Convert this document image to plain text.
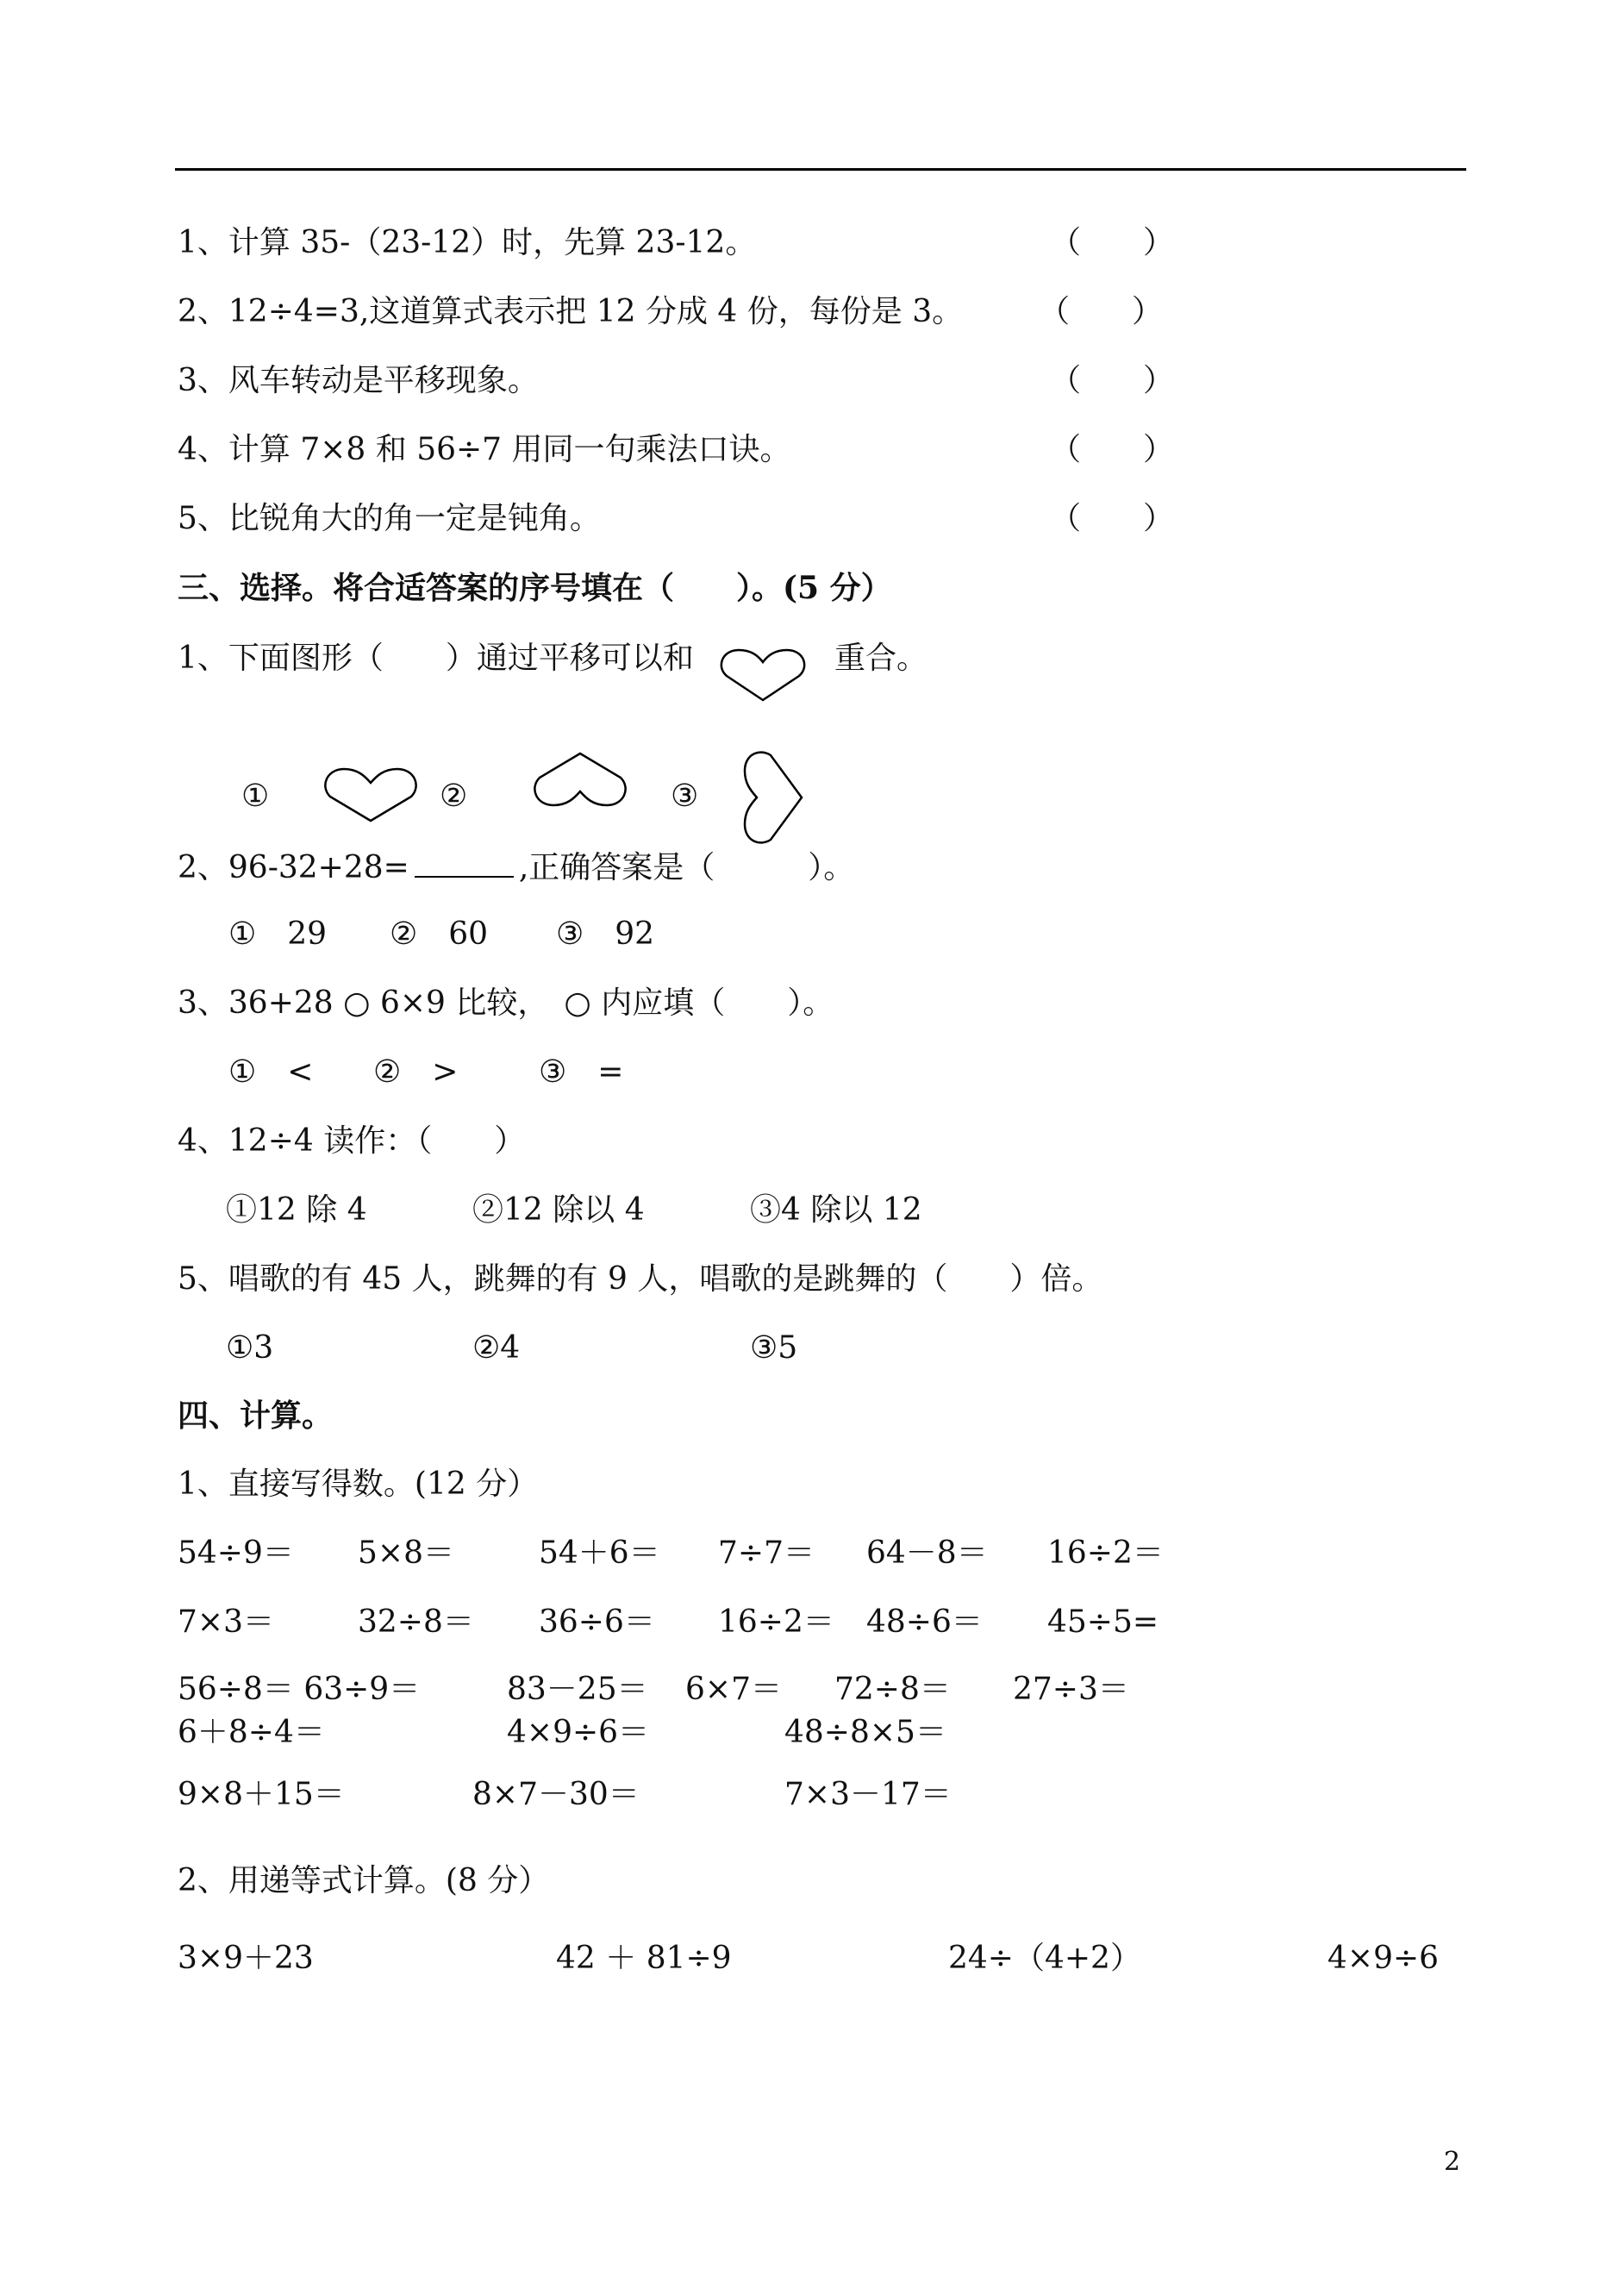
1、计算 35-（23-12）时，先算 23-12。	（　　）
2、12÷4=3,这道算式表示把 12 分成 4 份，每份是 3。 （　　）
3、风车转动是平移现象。	（　　）
4、计算 7×8 和 56÷7 用同一句乘法口诀。	（　　）
5、比锐角大的角一定是钝角。	（　　）
三、选择。将合适答案的序号填在（　　）。(5 分）
1、下面图形（　　）通过平移可以和	重合。
①	②	③
2、96-32+28=	,正确答案是（　　　）。
①　29 ②　60 ③　92
3、36+28 ○ 6×9 比较，　○ 内应填（　　）。
①　< ②　>	③　=
4、12÷4 读作：（　　）
①12 除 4	②12 除以 4	③4 除以 12
5、唱歌的有 45 人，跳舞的有 9 人，唱歌的是跳舞的（　　）倍。
①3	②4	③5
四、计算。
1、直接写得数。(12 分）
54÷9＝ 5×8＝	54＋6＝ 7÷7＝ 64－8＝ 16÷2＝
7×3＝	32÷8＝ 36÷6＝ 16÷2＝ 48÷6＝ 45÷5=
56÷8＝ 63÷9＝	83－25＝ 6×7＝ 72÷8＝ 27÷3＝
6＋8÷4＝	4×9÷6＝	48÷8×5＝
9×8＋15＝	8×7－30＝	7×3－17＝
2、用递等式计算。(8 分）
3×9＋23	42 ＋ 81÷9	24÷（4+2）	4×9÷6
2
